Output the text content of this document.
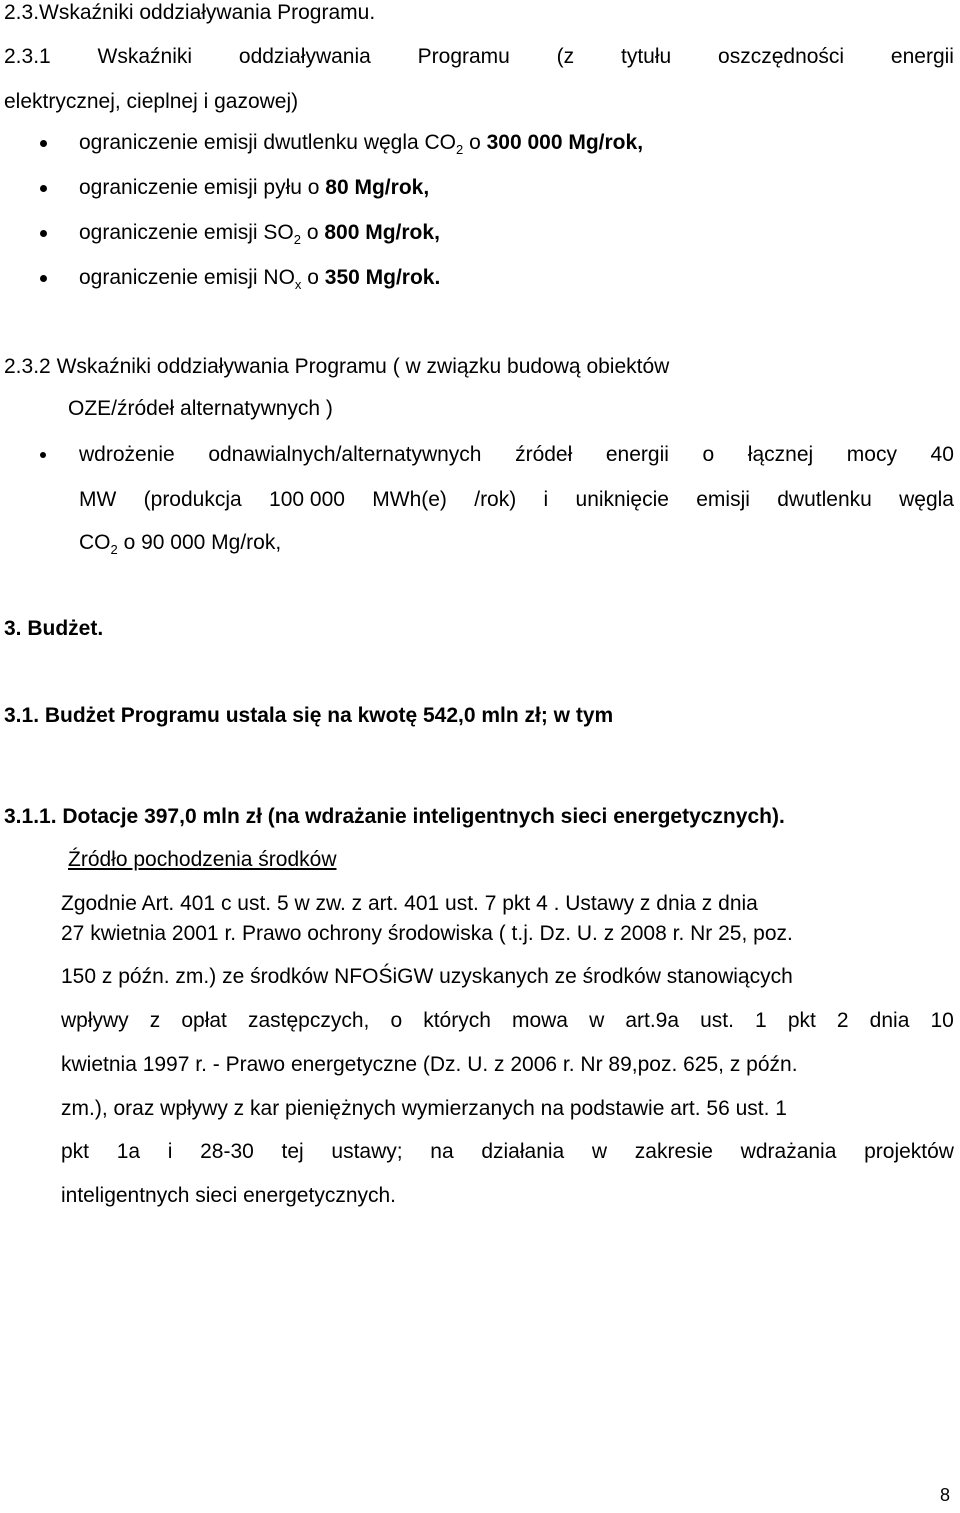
2.3.Wskaźniki oddziaływania Programu.
2.3.1 Wskaźniki oddziaływania Programu (z tytułu oszczędności energii
elektrycznej, cieplnej i gazowej)
ograniczenie emisji dwutlenku węgla $CO_2$ o 300 000 Mg/rok,
ograniczenie emisji pyłu o 80 Mg/rok,
ograniczenie emisji $SO_2$ o 800 Mg/rok,
ograniczenie emisji $NO_x$ o 350 Mg/rok.
2.3.2 Wskaźniki oddziaływania Programu ( w związku budową obiektów
OZE/źródeł alternatywnych )
wdrożenie odnawialnych/alternatywnych źródeł energii o łącznej mocy 40
MW (produkcja 100 000 MWh(e) /rok) i uniknięcie emisji dwutlenku węgla
$CO_2$ o 90 000 Mg/rok,
3. Budżet.
3.1. Budżet Programu ustala się na kwotę 542,0 mln zł; w tym
3.1.1. Dotacje 397,0 mln zł (na wdrażanie inteligentnych sieci energetycznych).
Źródło pochodzenia środków
Zgodnie Art. 401 c ust. 5 w zw. z art. 401 ust. 7 pkt 4 . Ustawy z dnia z dnia
27 kwietnia 2001 r. Prawo ochrony środowiska ( t.j. Dz. U. z 2008 r. Nr 25, poz.
150 z późn. zm.) ze środków NFOŚiGW uzyskanych ze środków stanowiących
wpływy z opłat zastępczych, o których mowa w art.9a ust. 1 pkt 2 dnia 10
kwietnia 1997 r. - Prawo energetyczne (Dz. U. z 2006 r. Nr 89,poz. 625, z późn.
zm.), oraz wpływy z kar pieniężnych wymierzanych na podstawie art. 56 ust. 1
pkt 1a i 28-30 tej ustawy; na działania w zakresie wdrażania projektów
inteligentnych sieci energetycznych.
8
